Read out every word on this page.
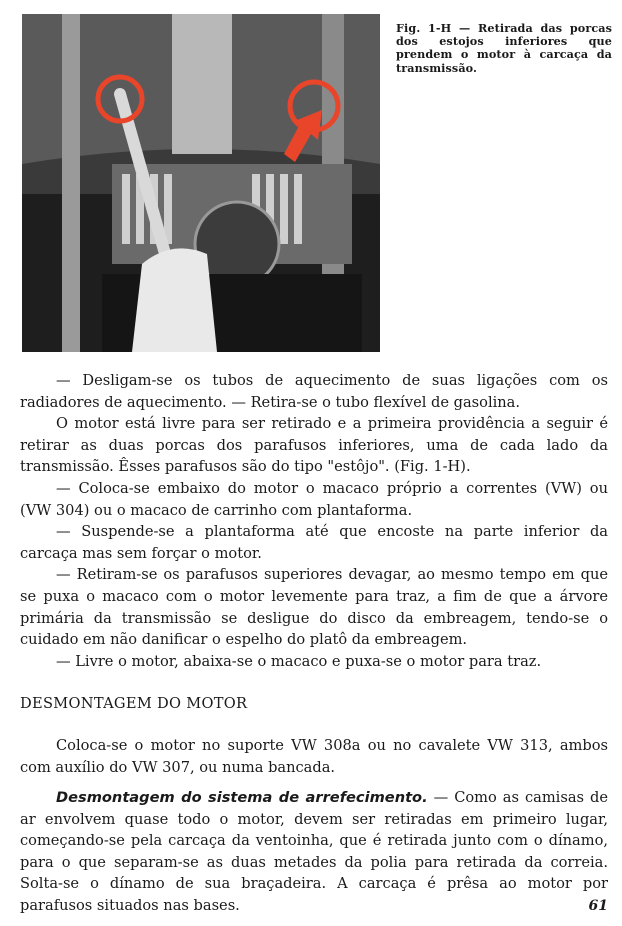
Fig. 1-H — Retirada das porcas dos estojos inferiores que prendem o motor à carcaça da transmissão.

— Desligam-se os tubos de aquecimento de suas ligações com os radiadores de aquecimento. — Retira-se o tubo flexível de gasolina.

O motor está livre para ser retirado e a primeira providência a seguir é retirar as duas porcas dos parafusos inferiores, uma de cada lado da transmissão. Êsses parafusos são do tipo "estôjo". (Fig. 1-H).

— Coloca-se embaixo do motor o macaco próprio a correntes (VW) ou (VW 304) ou o macaco de carrinho com plantaforma.

— Suspende-se a plantaforma até que encoste na parte inferior da carcaça mas sem forçar o motor.

— Retiram-se os parafusos superiores devagar, ao mesmo tempo em que se puxa o macaco com o motor levemente para traz, a fim de que a árvore primária da transmissão se desligue do disco da embreagem, tendo-se o cuidado em não danificar o espelho do platô da embreagem.

— Livre o motor, abaixa-se o macaco e puxa-se o motor para traz.

DESMONTAGEM DO MOTOR

Coloca-se o motor no suporte VW 308a ou no cavalete VW 313, ambos com auxílio do VW 307, ou numa bancada.

Desmontagem do sistema de arrefecimento. — Como as camisas de ar envolvem quase todo o motor, devem ser retiradas em primeiro lugar, começando-se pela carcaça da ventoinha, que é retirada junto com o dínamo, para o que separam-se as duas metades da polia para retirada da correia. Solta-se o dínamo de sua braçadeira. A carcaça é prêsa ao motor por parafusos situados nas bases.	61
